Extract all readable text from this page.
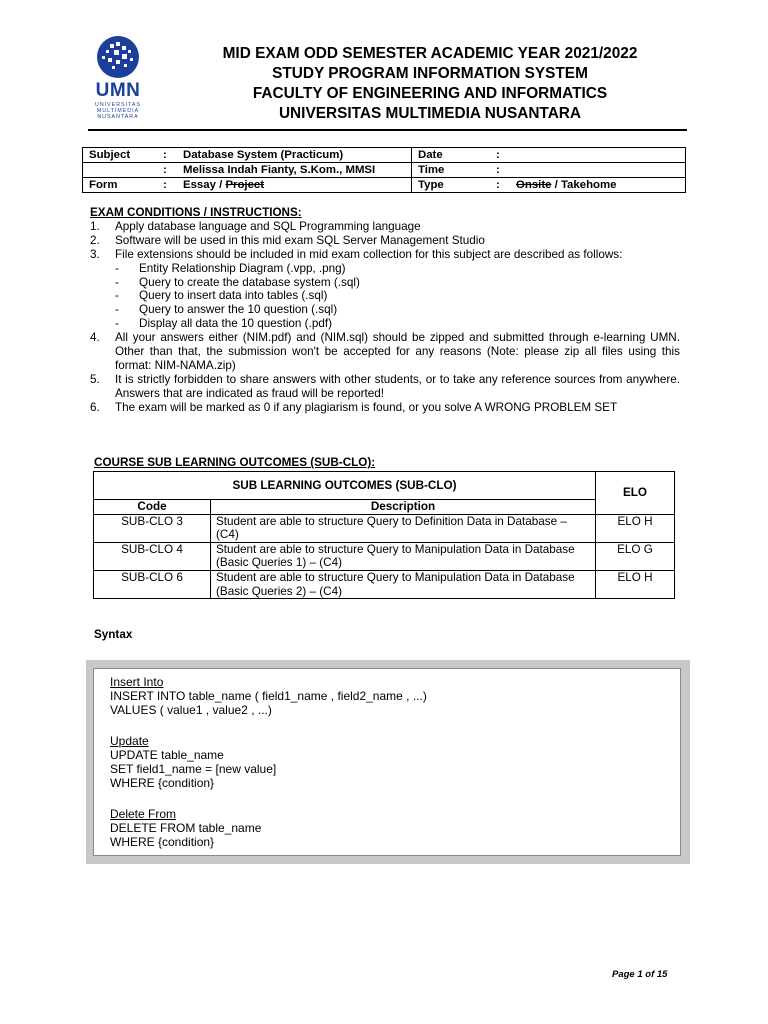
UMN
UNIVERSITAS
MULTIMEDIA
NUSANTARA
MID EXAM ODD SEMESTER ACADEMIC YEAR 2021/2022
STUDY PROGRAM INFORMATION SYSTEM
FACULTY OF ENGINEERING AND INFORMATICS
UNIVERSITAS MULTIMEDIA NUSANTARA
Subject	:	Database System (Practicum)	Date	:	
	:	Melissa Indah Fianty, S.Kom., MMSI	Time	:	
Form	:	Essay / Project	Type	:	Onsite / Takehome
EXAM CONDITIONS / INSTRUCTIONS:
1. Apply database language and SQL Programming language
2. Software will be used in this mid exam SQL Server Management Studio
3. File extensions should be included in mid exam collection for this subject are described as follows:
- Entity Relationship Diagram (.vpp, .png)
- Query to create the database system (.sql)
- Query to insert data into tables (.sql)
- Query to answer the 10 question (.sql)
- Display all data the 10 question (.pdf)
4. All your answers either (NIM.pdf) and (NIM.sql) should be zipped and submitted through e-learning UMN. Other than that, the submission won't be accepted for any reasons (Note: please zip all files using this format: NIM-NAMA.zip)
5. It is strictly forbidden to share answers with other students, or to take any reference sources from anywhere. Answers that are indicated as fraud will be reported!
6. The exam will be marked as 0 if any plagiarism is found, or you solve A WRONG PROBLEM SET
COURSE SUB LEARNING OUTCOMES (SUB-CLO):
SUB LEARNING OUTCOMES (SUB-CLO)		ELO
Code	Description	
SUB-CLO 3	Student are able to structure Query to Definition Data in Database – (C4)	ELO H
SUB-CLO 4	Student are able to structure Query to Manipulation Data in Database (Basic Queries 1) – (C4)	ELO G
SUB-CLO 6	Student are able to structure Query to Manipulation Data in Database (Basic Queries 2) – (C4)	ELO H
Syntax
Insert Into
INSERT INTO table_name ( field1_name , field2_name , ...)
VALUES ( value1 , value2 , ...)
Update
UPDATE table_name
SET field1_name = [new value]
WHERE {condition}
Delete From
DELETE FROM table_name
WHERE {condition}
Page 1 of 15
